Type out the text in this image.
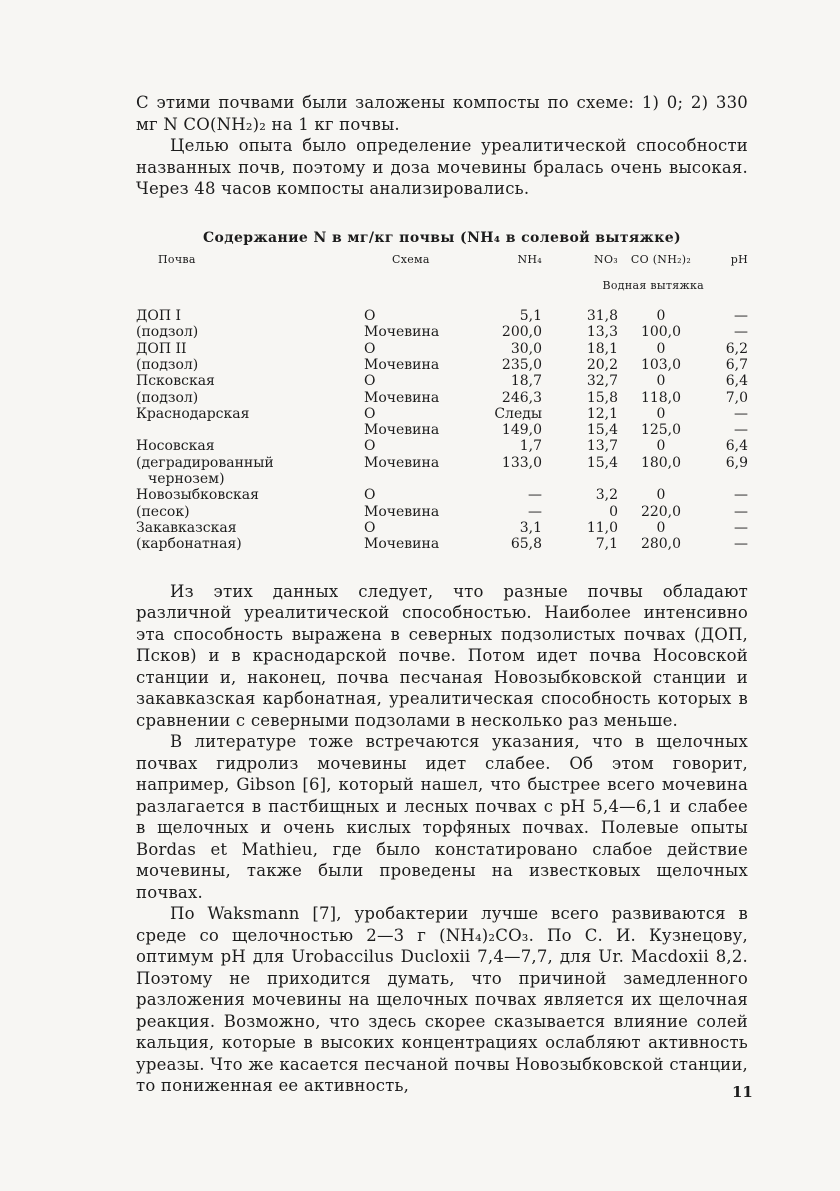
С этими почвами были заложены компосты по схеме: 1) 0; 2) 330 мг N CO(NH₂)₂ на 1 кг почвы.

Целью опыта было определение уреалитической способности названных почв, поэтому и доза мочевины бралась очень высокая. Через 48 часов компосты анализировались.

Содержание N в мг/кг почвы (NH₄ в солевой вытяжке)
Почва	Схема	NH₄	NO₃	CO (NH₂)₂	pH
Водная вытяжка					
ДОП I	О	5,1	31,8	0	—
(подзол)	Мочевина	200,0	13,3	100,0	—
ДОП II	О	30,0	18,1	0	6,2
(подзол)	Мочевина	235,0	20,2	103,0	6,7
Псковская	О	18,7	32,7	0	6,4
(подзол)	Мочевина	246,3	15,8	118,0	7,0
Краснодарская	О	Следы	12,1	0	—
	Мочевина	149,0	15,4	125,0	—
Носовская	О	1,7	13,7	0	6,4
(деградированный	Мочевина	133,0	15,4	180,0	6,9
чернозем)					
Новозыбковская	О	—	3,2	0	—
(песок)	Мочевина	—	0	220,0	—
Закавказская	О	3,1	11,0	0	—
(карбонатная)	Мочевина	65,8	7,1	280,0	—

Из этих данных следует, что разные почвы обладают различной уреалитической способностью. Наиболее интенсивно эта способность выражена в северных подзолистых почвах (ДОП, Псков) и в краснодарской почве. Потом идет почва Носовской станции и, наконец, почва песчаная Новозыбковской станции и закавказская карбонатная, уреалитическая способность которых в сравнении с северными подзолами в несколько раз меньше.

В литературе тоже встречаются указания, что в щелочных почвах гидролиз мочевины идет слабее. Об этом говорит, например, Gibson [6], который нашел, что быстрее всего мочевина разлагается в пастбищных и лесных почвах с pH 5,4—6,1 и слабее в щелочных и очень кислых торфяных почвах. Полевые опыты Bordas et Mathieu, где было констатировано слабое действие мочевины, также были проведены на известковых щелочных почвах.

По Waksmann [7], уробактерии лучше всего развиваются в среде со щелочностью 2—3 г (NH₄)₂CO₃. По С. И. Кузнецову, оптимум pH для Urobaccilus Ducloxii 7,4—7,7, для Ur. Macdoxii 8,2. Поэтому не приходится думать, что причиной замедленного разложения мочевины на щелочных почвах является их щелочная реакция. Возможно, что здесь скорее сказывается влияние солей кальция, которые в высоких концентрациях ослабляют активность уреазы. Что же касается песчаной почвы Новозыбковской станции, то пониженная ее активность,	11
